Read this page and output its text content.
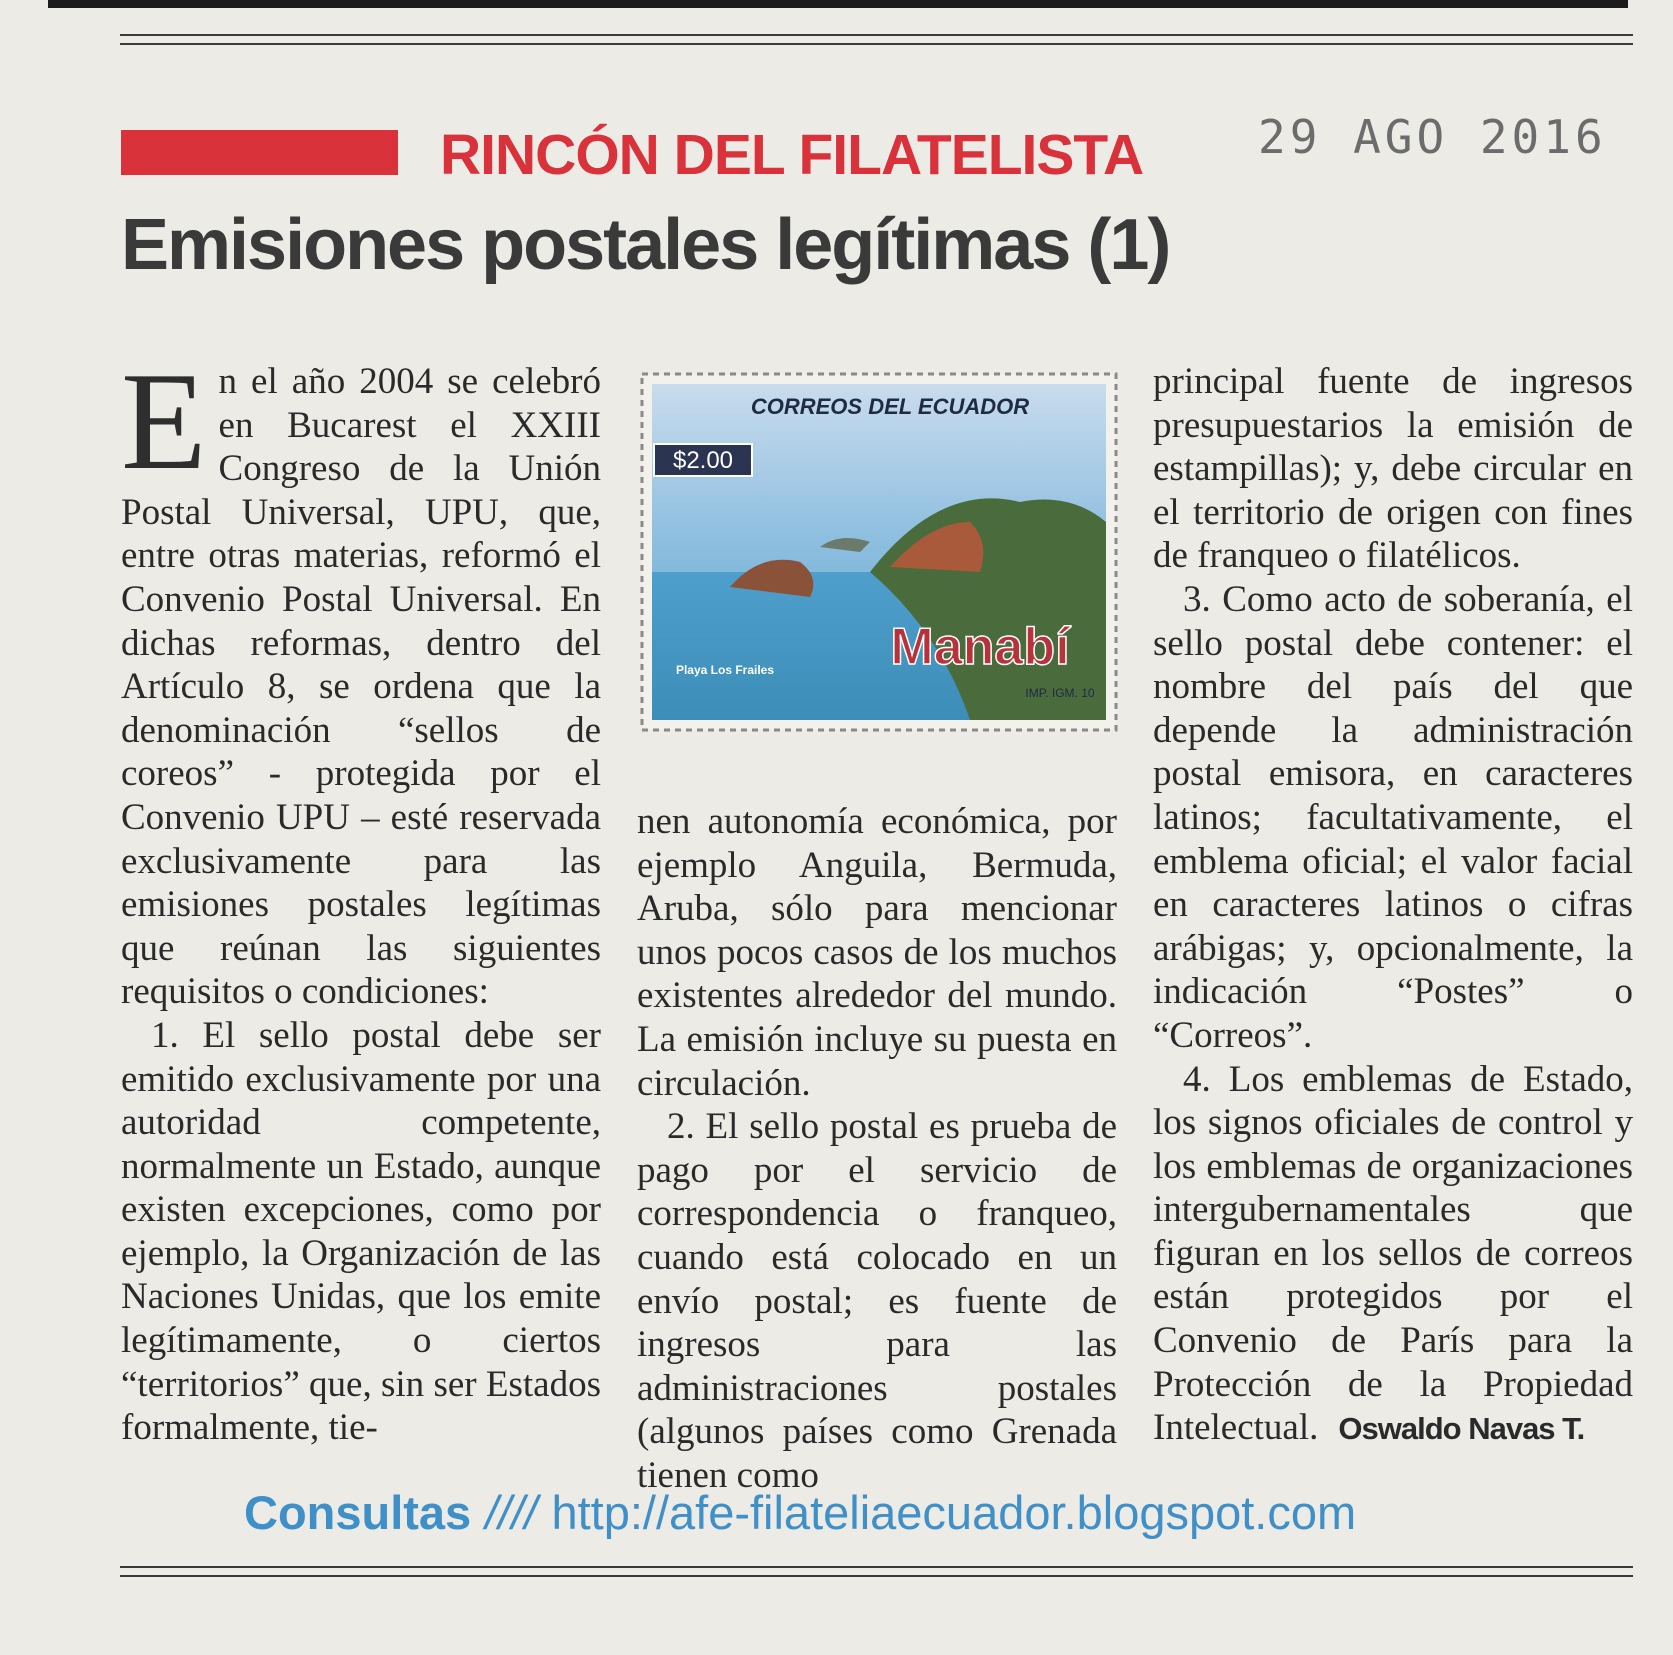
RINCÓN DEL FILATELISTA 29 AGO 2016
Emisiones postales legítimas (1)

En el año 2004 se celebró en Bucarest el XXIII Congreso de la Unión Postal Universal, UPU, que, entre otras materias, reformó el Convenio Postal Universal. En dichas reformas, dentro del Artículo 8, se ordena que la denominación “sellos de coreos” - protegida por el Convenio UPU – esté reservada exclusivamente para las emisiones postales legítimas que reúnan las siguientes requisitos o condiciones:

1. El sello postal debe ser emitido exclusivamente por una autoridad competente, normalmente un Estado, aunque existen excepciones, como por ejemplo, la Organización de las Naciones Unidas, que los emite legítimamente, o ciertos “territorios” que, sin ser Estados formalmente, tie-

CORREOS DEL ECUADOR
$2.00
Playa Los Frailes Manabí
IMP. IGM. 10

nen autonomía económica, por ejemplo Anguila, Bermuda, Aruba, sólo para mencionar unos pocos casos de los muchos existentes alrededor del mundo. La emisión incluye su puesta en circulación.

2. El sello postal es prueba de pago por el servicio de correspondencia o franqueo, cuando está colocado en un envío postal; es fuente de ingresos para las administraciones postales (algunos países como Grenada tienen como

principal fuente de ingresos presupuestarios la emisión de estampillas); y, debe circular en el territorio de origen con fines de franqueo o filatélicos.

3. Como acto de soberanía, el sello postal debe contener: el nombre del país del que depende la administración postal emisora, en caracteres latinos; facultativamente, el emblema oficial; el valor facial en caracteres latinos o cifras arábigas; y, opcionalmente, la indicación “Postes” o “Correos”.

4. Los emblemas de Estado, los signos oficiales de control y los emblemas de organizaciones intergubernamentales que figuran en los sellos de correos están protegidos por el Convenio de París para la Protección de la Propiedad Intelectual. Oswaldo Navas T.

Consultas //// http://afe-filateliaecuador.blogspot.com
